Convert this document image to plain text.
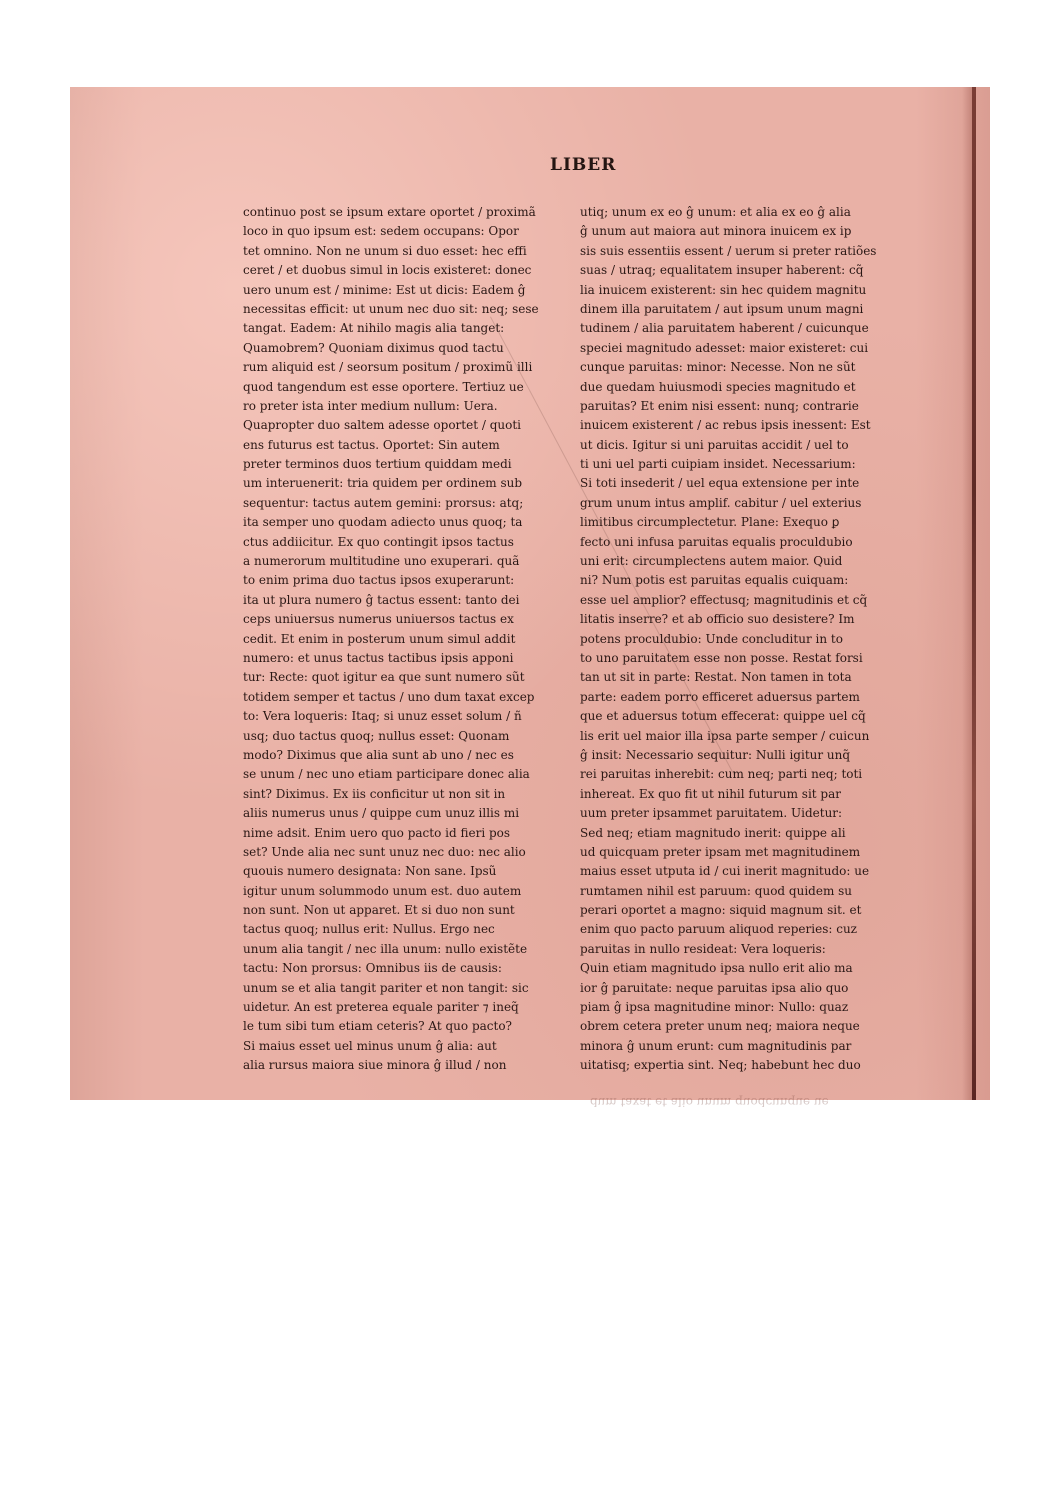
LIBER
continuo post se ipsum extare oportet / proximã
loco in quo ipsum est: sedem occupans: Opor
tet omnino. Non ne unum si duo esset: hec effi
ceret / et duobus simul in locis existeret: donec
uero unum est / minime: Est ut dicis: Eadem ĝ
necessitas efficit: ut unum nec duo sit: neq; sese
tangat. Eadem: At nihilo magis alia tanget:
Quamobrem? Quoniam diximus quod tactu
rum aliquid est / seorsum positum / proximũ illi
quod tangendum est esse oportere. Tertiuz ue
ro preter ista inter medium nullum: Uera.
Quapropter duo saltem adesse oportet / quoti
ens futurus est tactus. Oportet: Sin autem
preter terminos duos tertium quiddam medi
um interuenerit: tria quidem per ordinem sub
sequentur: tactus autem gemini: prorsus: atq;
ita semper uno quodam adiecto unus quoq; ta
ctus addiicitur. Ex quo contingit ipsos tactus
a numerorum multitudine uno exuperari. quã
to enim prima duo tactus ipsos exuperarunt:
ita ut plura numero ĝ tactus essent: tanto dei
ceps uniuersus numerus uniuersos tactus ex
cedit. Et enim in posterum unum simul addit
numero: et unus tactus tactibus ipsis apponi
tur: Recte: quot igitur ea que sunt numero sũt
totidem semper et tactus / uno dum taxat excep
to: Vera loqueris: Itaq; si unuz esset solum / ñ
usq; duo tactus quoq; nullus esset: Quonam
modo? Diximus que alia sunt ab uno / nec es
se unum / nec uno etiam participare donec alia
sint? Diximus. Ex iis conficitur ut non sit in
aliis numerus unus / quippe cum unuz illis mi
nime adsit. Enim uero quo pacto id fieri pos
set? Unde alia nec sunt unuz nec duo: nec alio
quouis numero designata: Non sane. Ipsũ
igitur unum solummodo unum est. duo autem
non sunt. Non ut apparet. Et si duo non sunt
tactus quoq; nullus erit: Nullus. Ergo nec
unum alia tangit / nec illa unum: nullo existẽte
tactu: Non prorsus: Omnibus iis de causis:
unum se et alia tangit pariter et non tangit: sic
uidetur. An est preterea equale pariter ⁊ ineq̃
le tum sibi tum etiam ceteris? At quo pacto?
Si maius esset uel minus unum ĝ alia: aut
alia rursus maiora siue minora ĝ illud / non
utiq; unum ex eo ĝ unum: et alia ex eo ĝ alia
ĝ unum aut maiora aut minora inuicem ex ip
sis suis essentiis essent / uerum si preter ratiões
suas / utraq; equalitatem insuper haberent: cq̃
lia inuicem existerent: sin hec quidem magnitu
dinem illa paruitatem / aut ipsum unum magni
tudinem / alia paruitatem haberent / cuicunque
speciei magnitudo adesset: maior existeret: cui
cunque paruitas: minor: Necesse. Non ne sũt
due quedam huiusmodi species magnitudo et
paruitas? Et enim nisi essent: nunq; contrarie
inuicem existerent / ac rebus ipsis inessent: Est
ut dicis. Igitur si uni paruitas accidit / uel to
ti uni uel parti cuipiam insidet. Necessarium:
Si toti insederit / uel equa extensione per inte
grum unum intus amplif. cabitur / uel exterius
limitibus circumplectetur. Plane: Exequo ꝑ
fecto uni infusa paruitas equalis proculdubio
uni erit: circumplectens autem maior. Quid
ni? Num potis est paruitas equalis cuiquam:
esse uel amplior? effectusq; magnitudinis et cq̃
litatis inserre? et ab officio suo desistere? Im
potens proculdubio: Unde concluditur in to
to uno paruitatem esse non posse. Restat forsi
tan ut sit in parte: Restat. Non tamen in tota
parte: eadem porro efficeret aduersus partem
que et aduersus totum effecerat: quippe uel cq̃
lis erit uel maior illa ipsa parte semper / cuicun
ĝ insit: Necessario sequitur: Nulli igitur unq̃
rei paruitas inherebit: cum neq; parti neq; toti
inhereat. Ex quo fit ut nihil futurum sit par
uum preter ipsammet paruitatem. Uidetur:
Sed neq; etiam magnitudo inerit: quippe ali
ud quicquam preter ipsam met magnitudinem
maius esset utputa id / cui inerit magnitudo: ue
rumtamen nihil est paruum: quod quidem su
perari oportet a magno: siquid magnum sit. et
enim quo pacto paruum aliquod reperies: cuz
paruitas in nullo resideat: Vera loqueris:
Quin etiam magnitudo ipsa nullo erit alio ma
ior ĝ paruitate: neque paruitas ipsa alio quo
piam ĝ ipsa magnitudine minor: Nullo: quaz
obrem cetera preter unum neq; maiora neque
minora ĝ unum erunt: cum magnitudinis par
uitatisq; expertia sint. Neq; habebunt hec duo
dum taxat et alio unum quodcunque ue
